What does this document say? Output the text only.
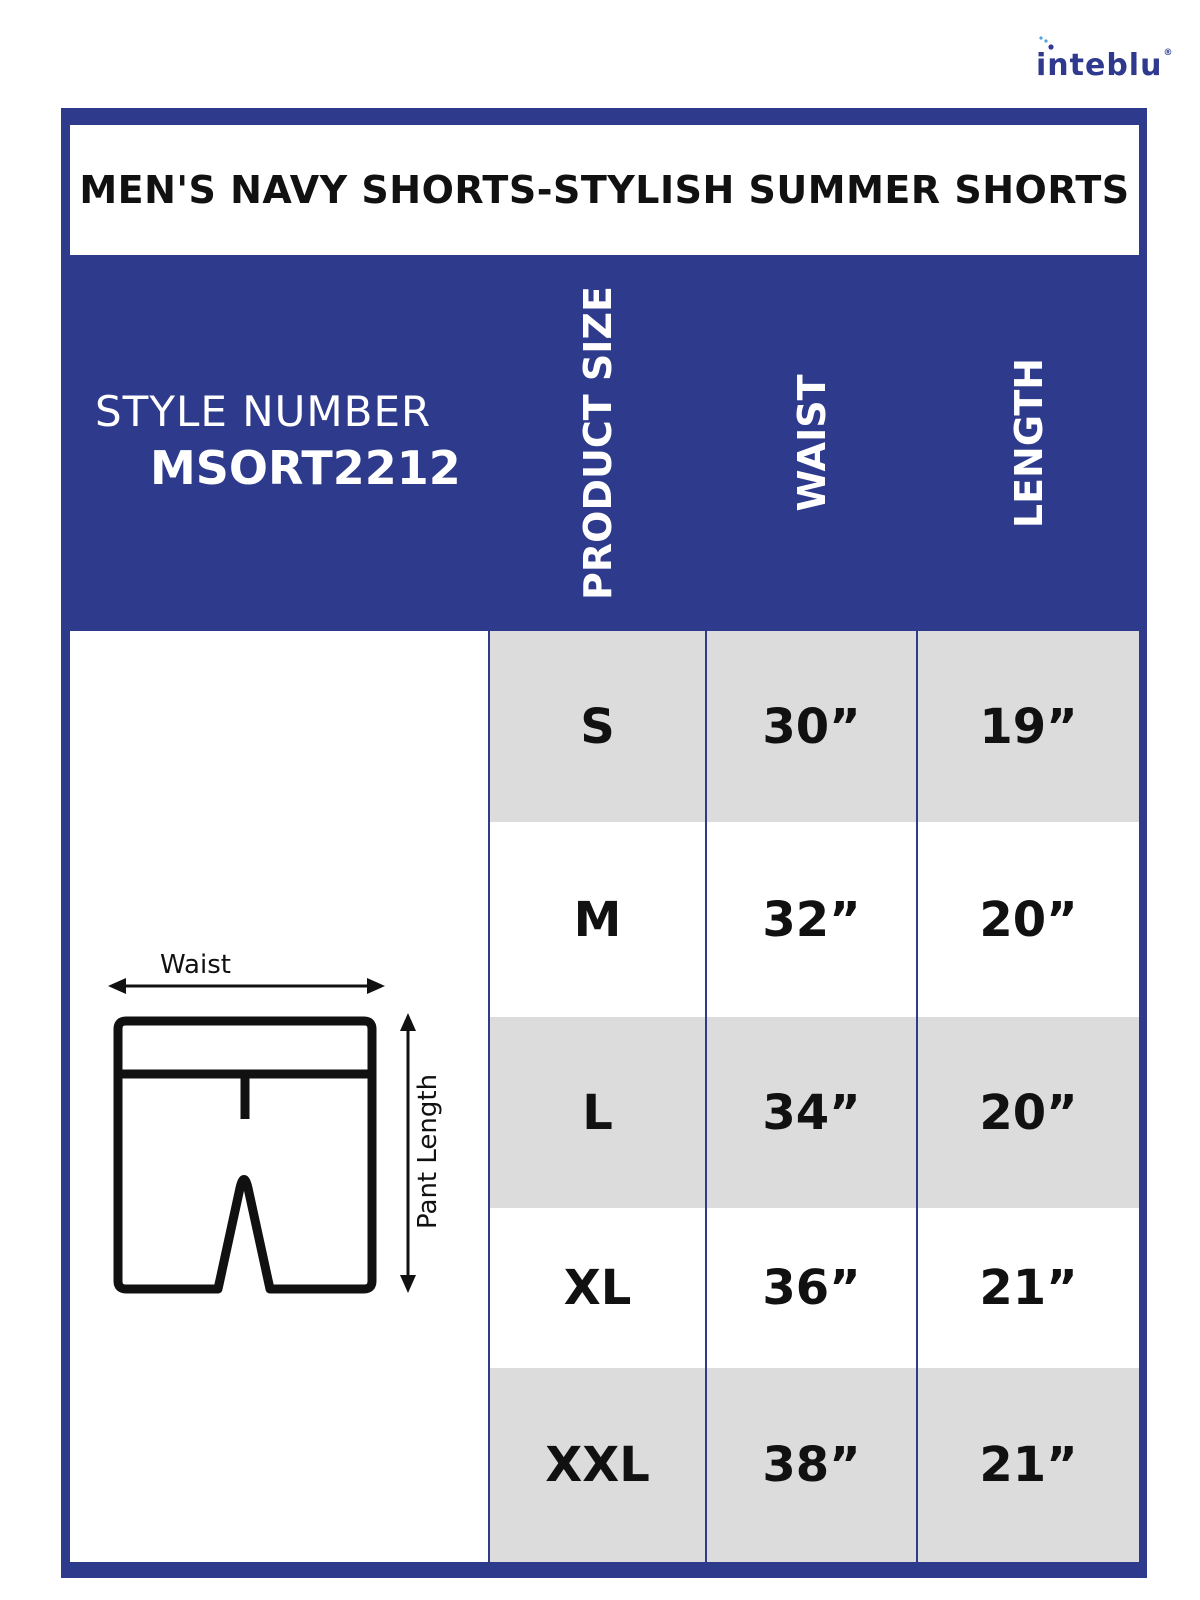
inteblu®
MEN'S NAVY SHORTS-STYLISH SUMMER SHORTS
STYLE NUMBER
MSORT2212	PRODUCT SIZE	WAIST	LENGTH
Waist
Pant Length
S	30”	19”
M	32”	20”
L	34”	20”
XL	36”	21”
XXL	38”	21”
